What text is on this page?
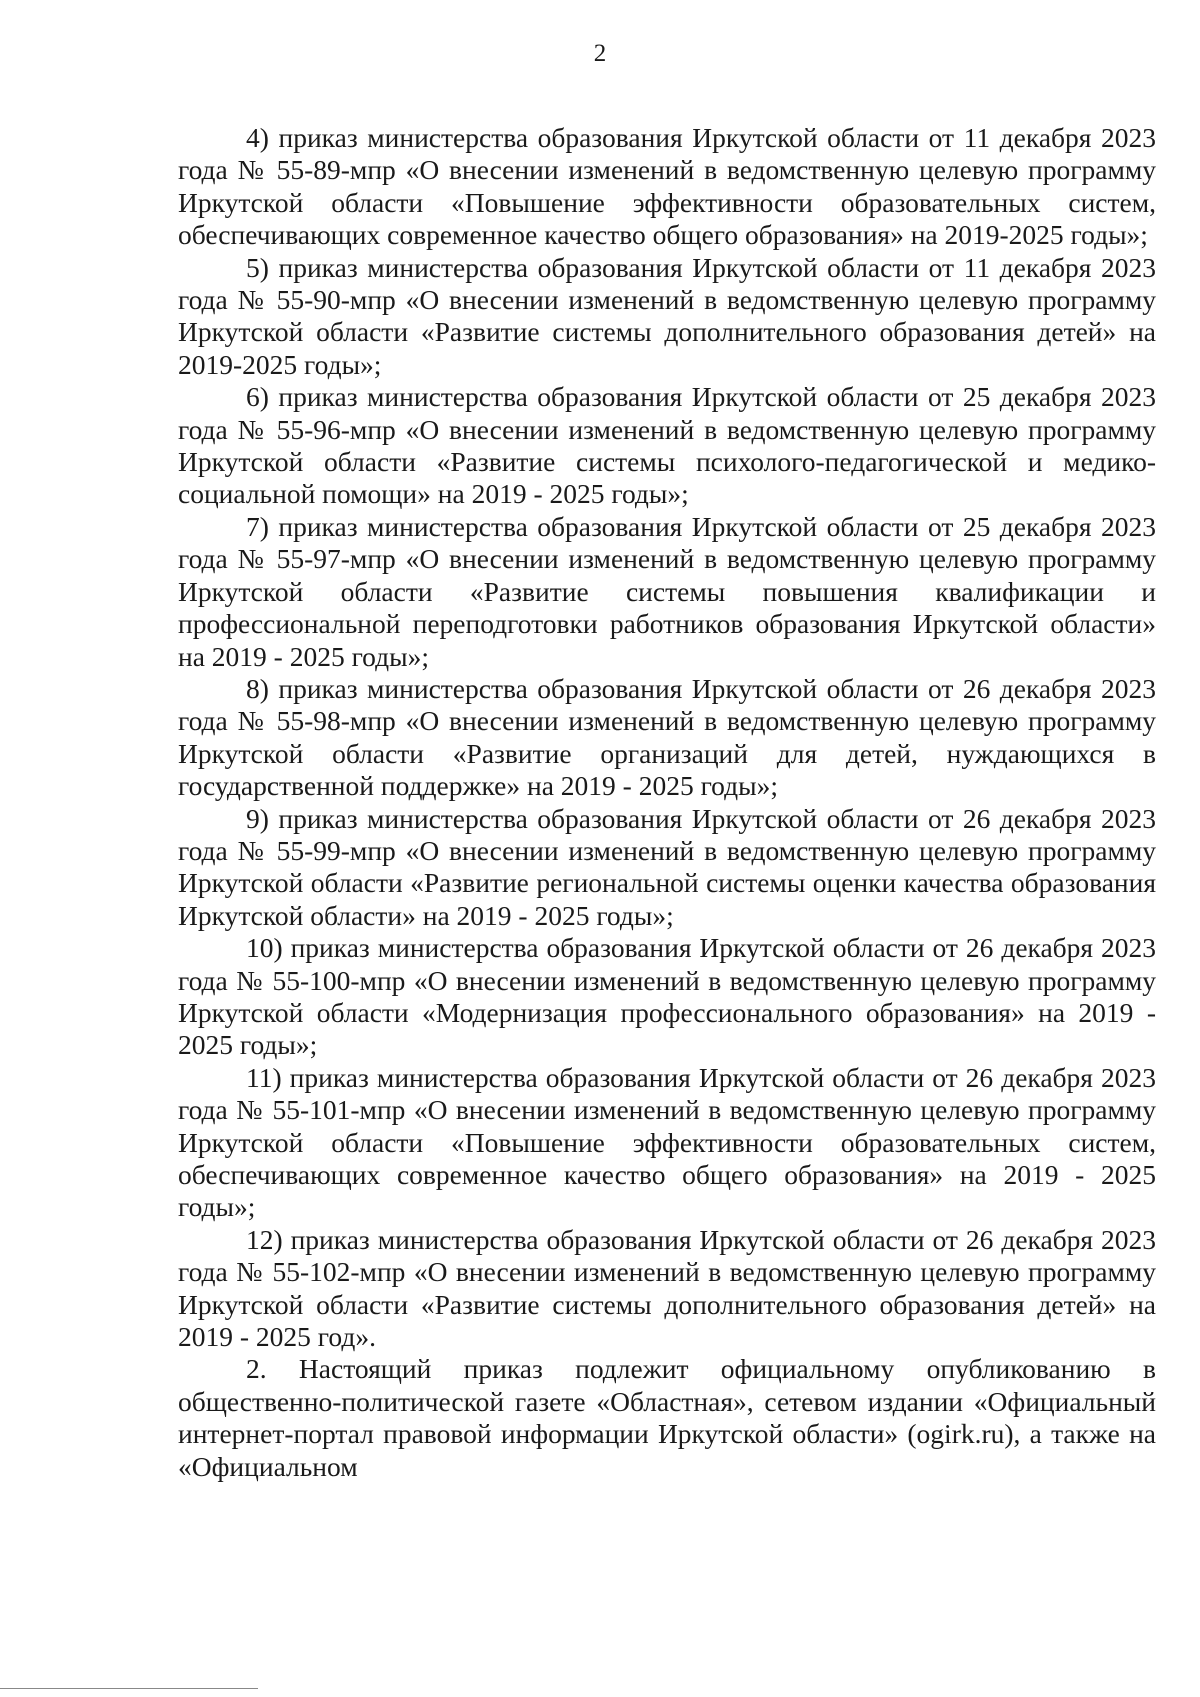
2

4) приказ министерства образования Иркутской области от 11 декабря 2023 года № 55-89-мпр «О внесении изменений в ведомственную целевую программу Иркутской области «Повышение эффективности образовательных систем, обеспечивающих современное качество общего образования» на 2019-2025 годы»;

5) приказ министерства образования Иркутской области от 11 декабря 2023 года № 55-90-мпр «О внесении изменений в ведомственную целевую программу Иркутской области «Развитие системы дополнительного образования детей» на 2019-2025 годы»;

6) приказ министерства образования Иркутской области от 25 декабря 2023 года № 55-96-мпр «О внесении изменений в ведомственную целевую программу Иркутской области «Развитие системы психолого-педагогической и медико-социальной помощи» на 2019 - 2025 годы»;

7) приказ министерства образования Иркутской области от 25 декабря 2023 года № 55-97-мпр «О внесении изменений в ведомственную целевую программу Иркутской области «Развитие системы повышения квалификации и профессиональной переподготовки работников образования Иркутской области» на 2019 - 2025 годы»;

8) приказ министерства образования Иркутской области от 26 декабря 2023 года № 55-98-мпр «О внесении изменений в ведомственную целевую программу Иркутской области «Развитие организаций для детей, нуждающихся в государственной поддержке» на 2019 - 2025 годы»;

9) приказ министерства образования Иркутской области от 26 декабря 2023 года № 55-99-мпр «О внесении изменений в ведомственную целевую программу Иркутской области «Развитие региональной системы оценки качества образования Иркутской области» на 2019 - 2025 годы»;

10) приказ министерства образования Иркутской области от 26 декабря 2023 года № 55-100-мпр «О внесении изменений в ведомственную целевую программу Иркутской области «Модернизация профессионального образования» на 2019 - 2025 годы»;

11) приказ министерства образования Иркутской области от 26 декабря 2023 года № 55-101-мпр «О внесении изменений в ведомственную целевую программу Иркутской области «Повышение эффективности образовательных систем, обеспечивающих современное качество общего образования» на 2019 - 2025 годы»;

12) приказ министерства образования Иркутской области от 26 декабря 2023 года № 55-102-мпр «О внесении изменений в ведомственную целевую программу Иркутской области «Развитие системы дополнительного образования детей» на 2019 - 2025 год».

2. Настоящий приказ подлежит официальному опубликованию в общественно-политической газете «Областная», сетевом издании «Официальный интернет-портал правовой информации Иркутской области» (ogirk.ru), а также на «Официальном
